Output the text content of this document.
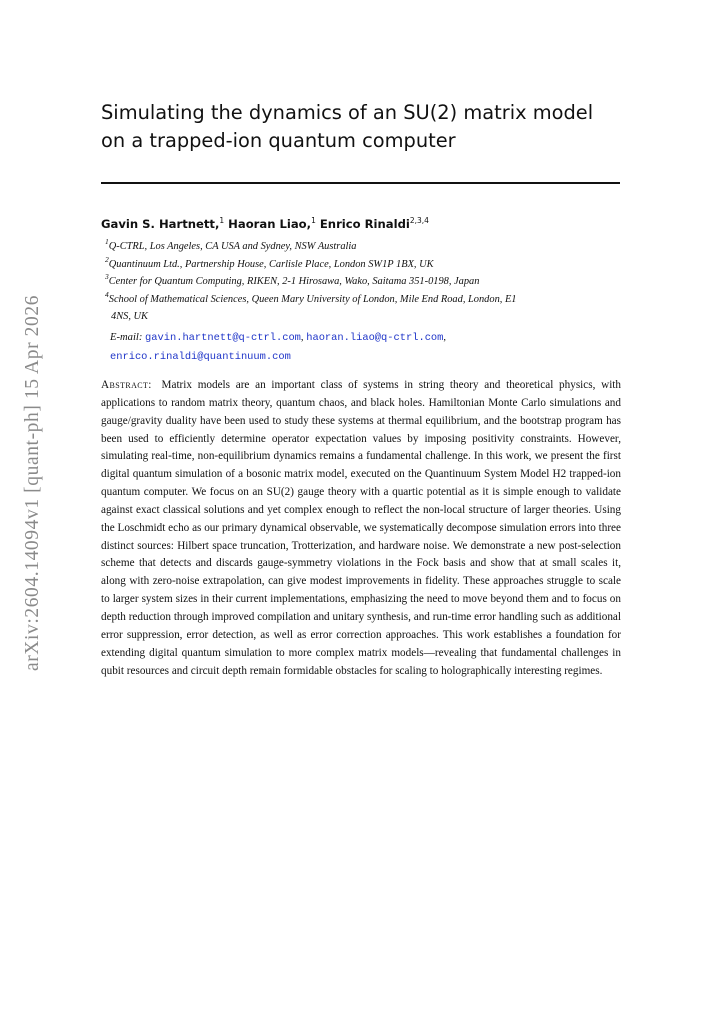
arXiv:2604.14094v1 [quant-ph] 15 Apr 2026
Simulating the dynamics of an SU(2) matrix model
on a trapped-ion quantum computer
Gavin S. Hartnett,$^1$ Haoran Liao,$^1$ Enrico Rinaldi$^{2,3,4}$

$^1$Q-CTRL, Los Angeles, CA USA and Sydney, NSW Australia

$^2$Quantinuum Ltd., Partnership House, Carlisle Place, London SW1P 1BX, UK

$^3$Center for Quantum Computing, RIKEN, 2-1 Hirosawa, Wako, Saitama 351-0198, Japan

$^4$School of Mathematical Sciences, Queen Mary University of London, Mile End Road, London, E1
4NS, UK

E-mail: gavin.hartnett@q-ctrl.com, haoran.liao@q-ctrl.com,
enrico.rinaldi@quantinuum.com

Abstract: Matrix models are an important class of systems in string theory and theoretical physics, with applications to random matrix theory, quantum chaos, and black holes. Hamiltonian Monte Carlo simulations and gauge/gravity duality have been used to study these systems at thermal equilibrium, and the bootstrap program has been used to efficiently determine operator expectation values by imposing positivity constraints. However, simulating real-time, non-equilibrium dynamics remains a fundamental challenge. In this work, we present the first digital quantum simulation of a bosonic matrix model, executed on the Quantinuum System Model H2 trapped-ion quantum computer. We focus on an SU(2) gauge theory with a quartic potential as it is simple enough to validate against exact classical solutions and yet complex enough to reflect the non-local structure of larger theories. Using the Loschmidt echo as our primary dynamical observable, we systematically decompose simulation errors into three distinct sources: Hilbert space truncation, Trotterization, and hardware noise. We demonstrate a new post-selection scheme that detects and discards gauge-symmetry violations in the Fock basis and show that at small scales it, along with zero-noise extrapolation, can give modest improvements in fidelity. These approaches struggle to scale to larger system sizes in their current implementations, emphasizing the need to move beyond them and to focus on depth reduction through improved compilation and unitary synthesis, and run-time error handling such as additional error suppression, error detection, as well as error correction approaches. This work establishes a foundation for extending digital quantum simulation to more complex matrix models—revealing that fundamental challenges in qubit resources and circuit depth remain formidable obstacles for scaling to holographically interesting regimes.
